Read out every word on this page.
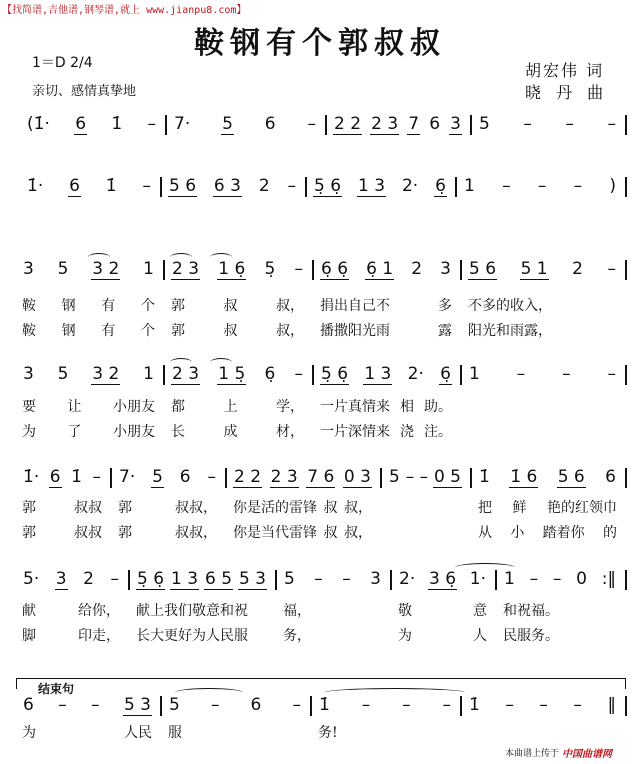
【找简谱,吉他谱,钢琴谱,就上 www.jianpu8.com】
鞍钢有个郭叔叔
1＝D 2/4
亲切、感情真挚地
胡宏伟 词
晓 丹 曲
(1̇· 6 1̇ – 7· 5 6 – 2 2 2 3 7 6 3 5 – – –
1̇· 6 1̇ – 5 6 6 3 2 – 5̣ 6̣ 1 3 2· 6̣ 1 – – – )
3 5 3 2 1 2 3 1 6̣ 5̣ – 6̣ 6̣ 6̣ 1 2 3 5 6 5 1 2 –
鞍 钢 有 个 郭	叔	叔， 捐出自己不	多 不多的收入，
鞍 钢 有 个 郭	叔	叔， 播撒阳光雨	露 阳光和雨露，
3 5 3 2 1 2 3 1 5̣ 6̣ – 5̣ 6̣ 1 3 2· 6̣ 1 – – –
要 让 小朋友 都	上	学， 一片真情来 相 助。
为 了 小朋友 长	成	材， 一片深情来 浇 注。
1̇· 6 1̇ – 7· 5 6 – 2 2 2 3 7 6 0 3 5 – – 0 5 1̇ 1̇ 6 5 6 6
郭	叔叔 郭	叔叔， 你是活的雷锋 叔 叔，	把 鲜 艳的红领巾
郭	叔叔 郭	叔叔， 你是当代雷锋 叔 叔，	从 小 踏着你 的
5· 3 2 – 5̣ 6̣ 1 3 6 5 5 3 5 – – 3 2· 3 6̣ 1· 1 – – 0 :‖
献	给你， 献上我们敬意和祝	福，	敬	意 和祝福。
脚	印走， 长大更好为人民服	务，	为	人 民服务。
6 – – 5 3 5 – 6 – 1̇ – – – 1̇ – – – ‖
为	人民 服	务!
结束句
本曲谱上传于 中国曲谱网
